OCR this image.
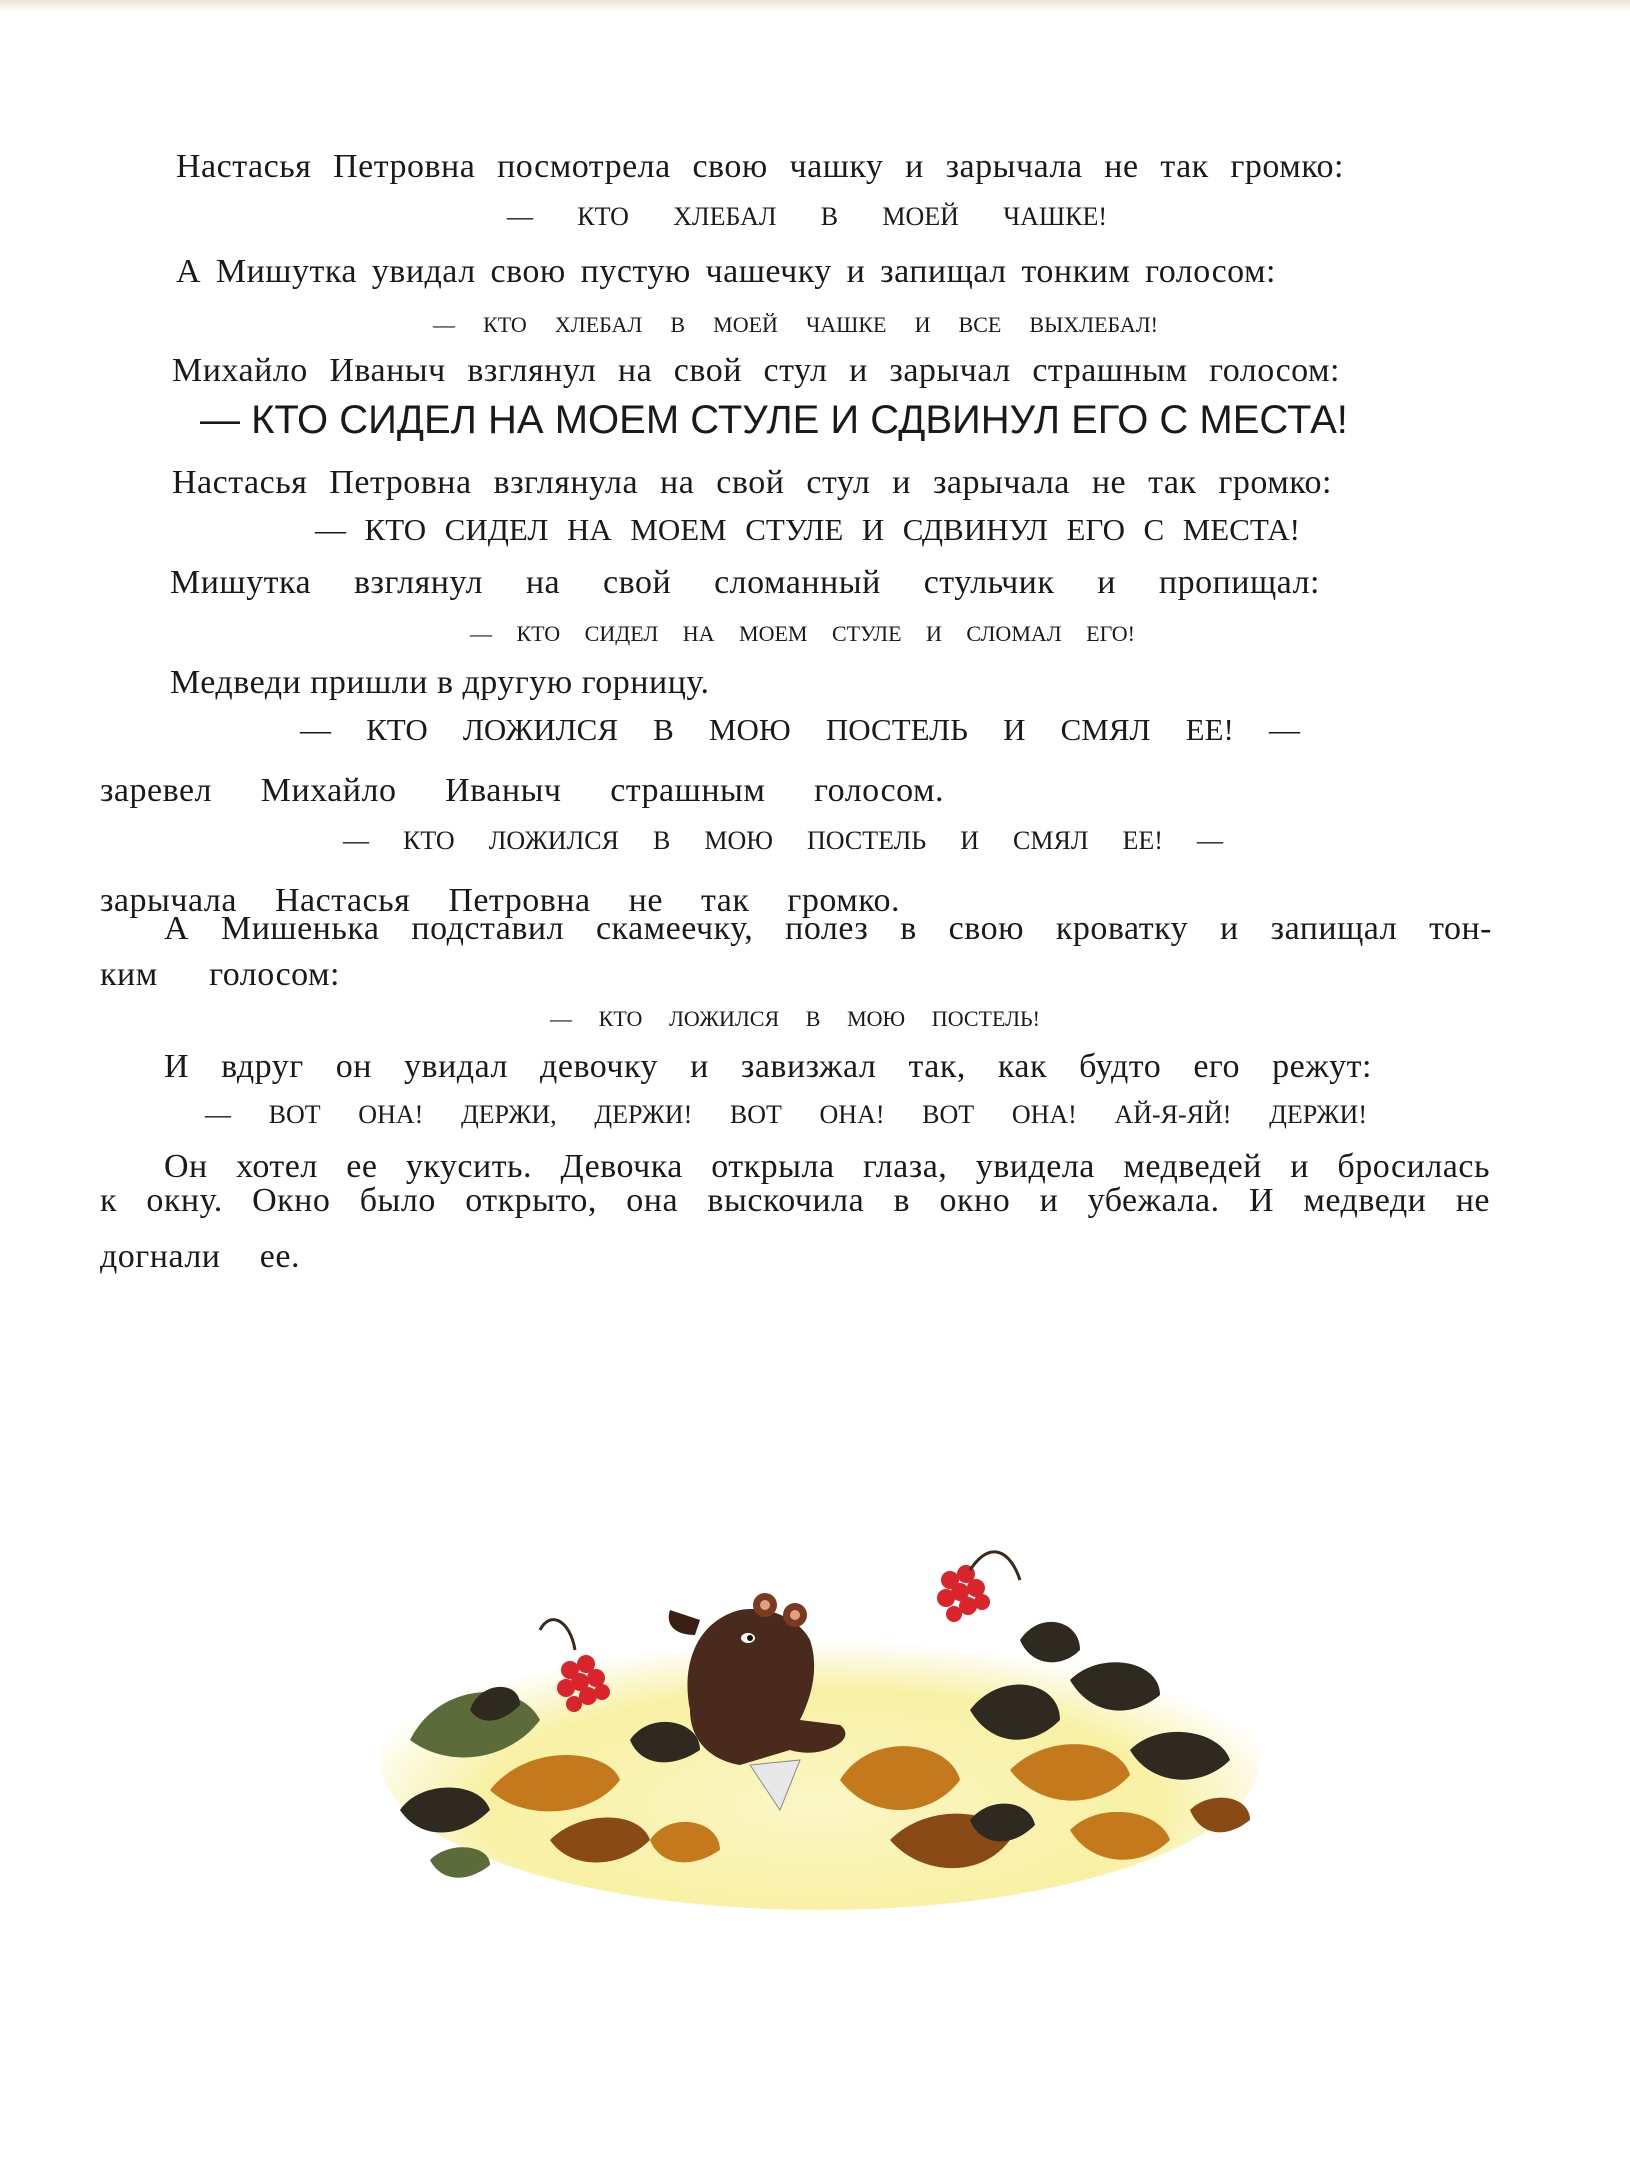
Настасья Петровна посмотрела свою чашку и зарычала не так громко:

— КТО ХЛЕБАЛ В МОЕЙ ЧАШКЕ!

А Мишутка увидал свою пустую чашечку и запищал тонким голосом:

— КТО ХЛЕБАЛ В МОЕЙ ЧАШКЕ И ВСЕ ВЫХЛЕБАЛ!

Михайло Иваныч взглянул на свой стул и зарычал страшным голосом:

— КТО СИДЕЛ НА МОЕМ СТУЛЕ И СДВИНУЛ ЕГО С МЕСТА!

Настасья Петровна взглянула на свой стул и зарычала не так громко:

— КТО СИДЕЛ НА МОЕМ СТУЛЕ И СДВИНУЛ ЕГО С МЕСТА!

Мишутка взглянул на свой сломанный стульчик и пропищал:

— КТО СИДЕЛ НА МОЕМ СТУЛЕ И СЛОМАЛ ЕГО!

Медведи пришли в другую горницу.

— КТО ЛОЖИЛСЯ В МОЮ ПОСТЕЛЬ И СМЯЛ ЕЕ! —

заревел Михайло Иваныч страшным голосом.

— КТО ЛОЖИЛСЯ В МОЮ ПОСТЕЛЬ И СМЯЛ ЕЕ! —

зарычала Настасья Петровна не так громко.

А Мишенька подставил скамеечку, полез в свою кроватку и запищал тон-

ким голосом:

— КТО ЛОЖИЛСЯ В МОЮ ПОСТЕЛЬ!

И вдруг он увидал девочку и завизжал так, как будто его режут:

— ВОТ ОНА! ДЕРЖИ, ДЕРЖИ! ВОТ ОНА! ВОТ ОНА! АЙ-Я-ЯЙ! ДЕРЖИ!

Он хотел ее укусить. Девочка открыла глаза, увидела медведей и бросилась

к окну. Окно было открыто, она выскочила в окно и убежала. И медведи не

догнали ее.
